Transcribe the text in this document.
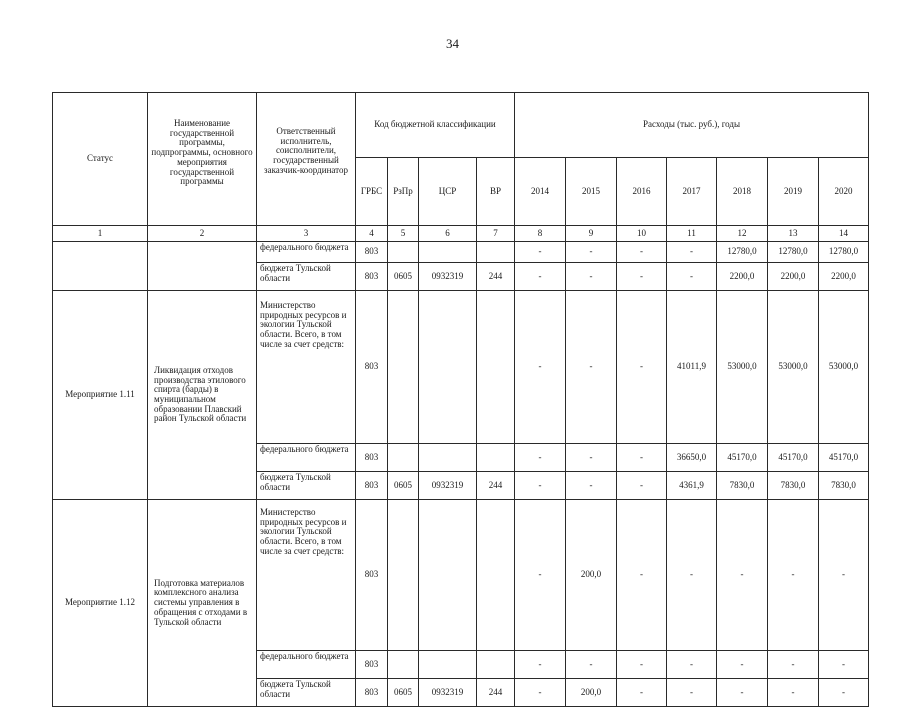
34
Статус	Наименование государственной программы, подпрограммы, основного мероприятия государственной программы	Ответственный исполнитель, соисполнители, государственный заказчик-координатор	Код бюджетной классификации				Расходы (тыс. руб.), годы						
			ГРБС	РзПр	ЦСР	ВР	2014	2015	2016	2017	2018	2019	2020
1	2	3	4	5	6	7	8	9	10	11	12	13	14
		федерального бюджета	803				-	-	-	-	12780,0	12780,0	12780,0
		бюджета Тульской области	803	0605	0932319	244	-	-	-	-	2200,0	2200,0	2200,0
Мероприятие 1.11	Ликвидация отходов производства этилового спирта (барды) в муниципальном образовании Плавский район Тульской области	Министерство природных ресурсов и экологии Тульской области. Всего, в том числе за счет средств:	803				-	-	-	41011,9	53000,0	53000,0	53000,0
		федерального бюджета	803				-	-	-	36650,0	45170,0	45170,0	45170,0
		бюджета Тульской области	803	0605	0932319	244	-	-	-	4361,9	7830,0	7830,0	7830,0
Мероприятие 1.12	Подготовка материалов комплексного анализа системы управления в обращения с отходами в Тульской области	Министерство природных ресурсов и экологии Тульской области. Всего, в том числе за счет средств:	803				-	200,0	-	-	-	-	-
		федерального бюджета	803				-	-	-	-	-	-	-
		бюджета Тульской области	803	0605	0932319	244	-	200,0	-	-	-	-	-
